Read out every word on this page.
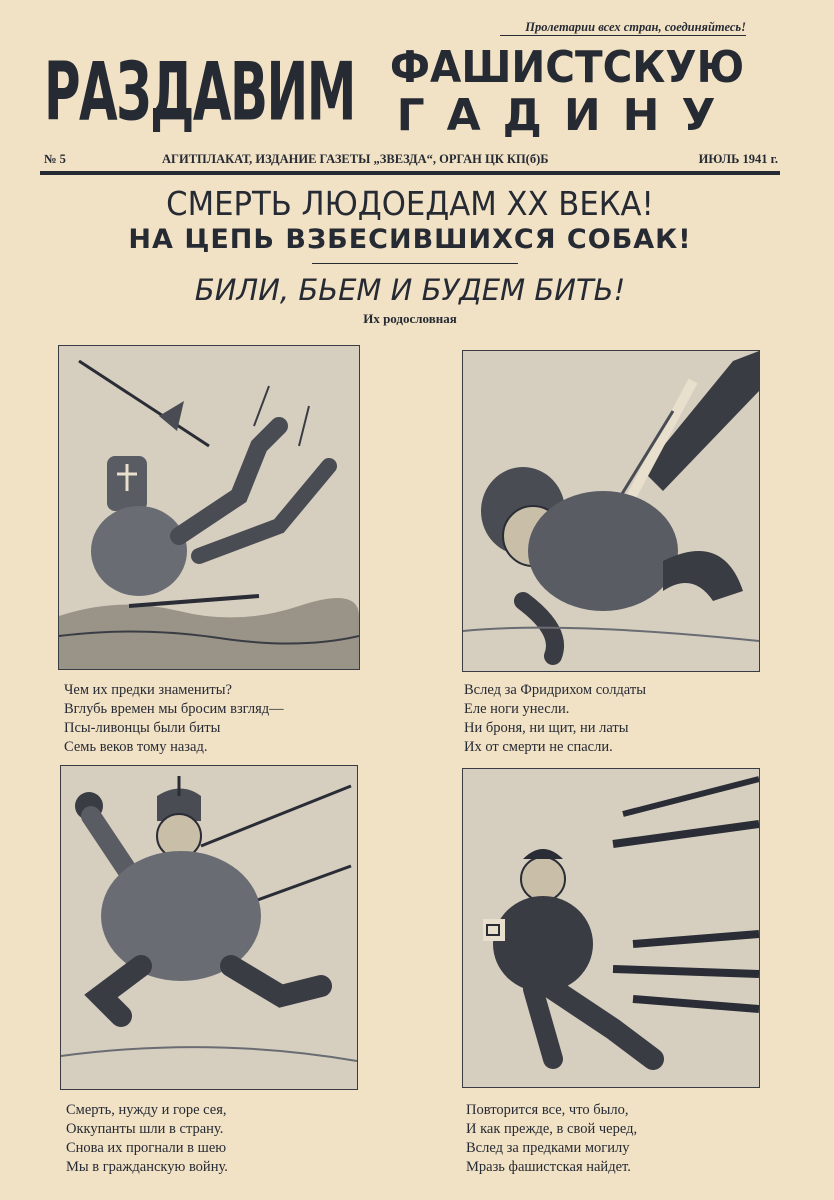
Пролетарии всех стран, соединяйтесь!
РАЗДАВИМ ФАШИСТСКУЮ
ГАДИНУ
№ 5	АГИТПЛАКАТ, ИЗДАНИЕ ГАЗЕТЫ „ЗВЕЗДА“, ОРГАН ЦК КП(б)Б	ИЮЛЬ 1941 г.
СМЕРТЬ ЛЮДОЕДАМ XX ВЕКА!
НА ЦЕПЬ ВЗБЕСИВШИХСЯ СОБАК!
БИЛИ, БЬЕМ И БУДЕМ БИТЬ!
Их родословная
Чем их предки знамениты?
Вглубь времен мы бросим взгляд—
Псы-ливонцы были биты
Семь веков тому назад.
Вслед за Фридрихом солдаты
Еле ноги унесли.
Ни броня, ни щит, ни латы
Их от смерти не спасли.
Смерть, нужду и горе сея,
Оккупанты шли в страну.
Снова их прогнали в шею
Мы в гражданскую войну.
Повторится все, что было,
И как прежде, в свой черед,
Вслед за предками могилу
Мразь фашистская найдет.
